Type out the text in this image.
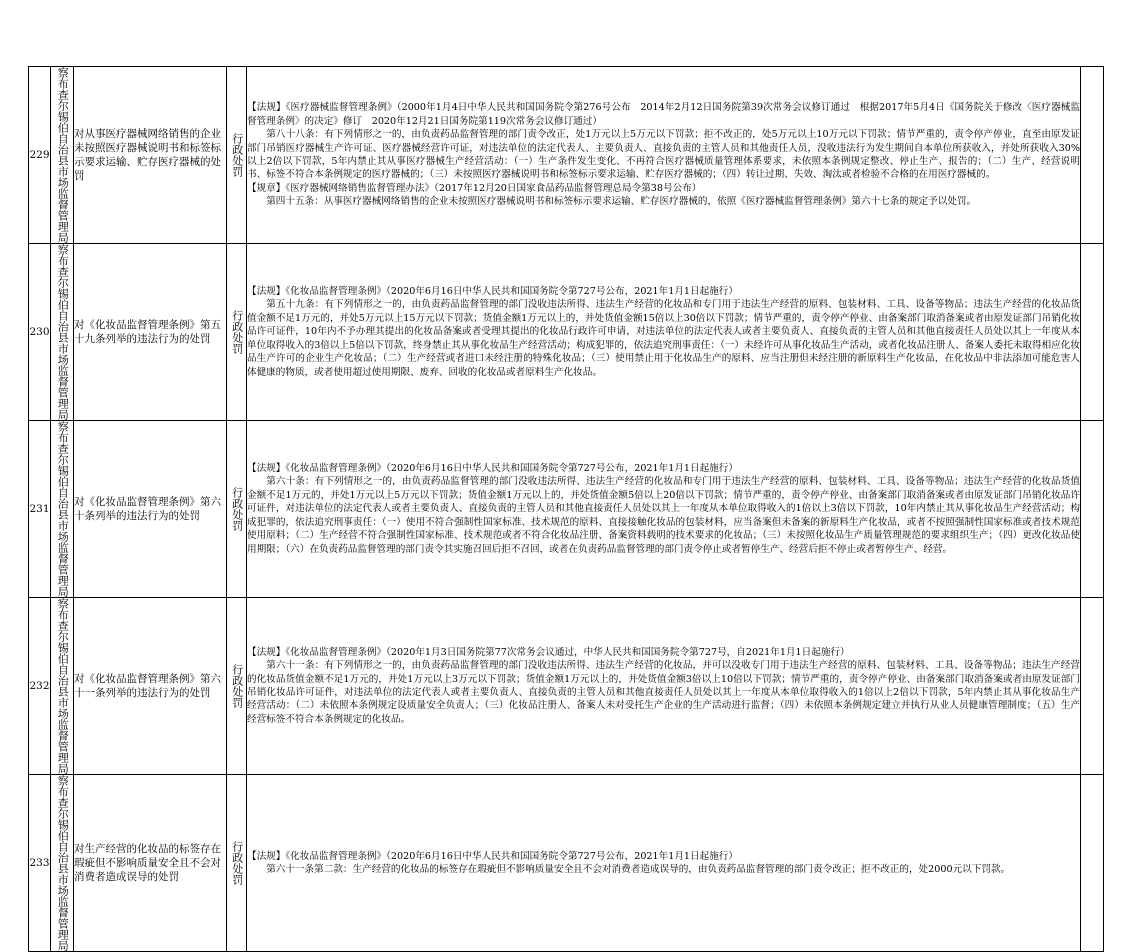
229	察布查尔锡伯自治县市场监督管理局	对从事医疗器械网络销售的企业未按照医疗器械说明书和标签标示要求运输、贮存医疗器械的处罚	行政处罚	【法规】《医疗器械监督管理条例》（2000年1月4日中华人民共和国国务院令第276号公布　2014年2月12日国务院第39次常务会议修订通过　根据2017年5月4日《国务院关于修改〈医疗器械监督管理条例〉的决定》修订　2020年12月21日国务院第119次常务会议修订通过）

第八十八条：有下列情形之一的，由负责药品监督管理的部门责令改正，处1万元以上5万元以下罚款；拒不改正的，处5万元以上10万元以下罚款；情节严重的，责令停产停业，直至由原发证部门吊销医疗器械生产许可证、医疗器械经营许可证，对违法单位的法定代表人、主要负责人、直接负责的主管人员和其他责任人员，没收违法行为发生期间自本单位所获收入，并处所获收入30%以上2倍以下罚款，5年内禁止其从事医疗器械生产经营活动：（一）生产条件发生变化、不再符合医疗器械质量管理体系要求，未依照本条例规定整改、停止生产、报告的；（二）生产、经营说明书、标签不符合本条例规定的医疗器械的；（三）未按照医疗器械说明书和标签标示要求运输、贮存医疗器械的；（四）转让过期、失效、淘汰或者检验不合格的在用医疗器械的。

【规章】《医疗器械网络销售监督管理办法》（2017年12月20日国家食品药品监督管理总局令第38号公布）

第四十五条：从事医疗器械网络销售的企业未按照医疗器械说明书和标签标示要求运输、贮存医疗器械的，依照《医疗器械监督管理条例》第六十七条的规定予以处罚。	

230	察布查尔锡伯自治县市场监督管理局	对《化妆品监督管理条例》第五十九条列举的违法行为的处罚	行政处罚	【法规】《化妆品监督管理条例》（2020年6月16日中华人民共和国国务院令第727号公布，2021年1月1日起施行）

第五十九条：有下列情形之一的，由负责药品监督管理的部门没收违法所得、违法生产经营的化妆品和专门用于违法生产经营的原料、包装材料、工具、设备等物品；违法生产经营的化妆品货值金额不足1万元的，并处5万元以上15万元以下罚款；货值金额1万元以上的，并处货值金额15倍以上30倍以下罚款；情节严重的，责令停产停业、由备案部门取消备案或者由原发证部门吊销化妆品许可证件，10年内不予办理其提出的化妆品备案或者受理其提出的化妆品行政许可申请，对违法单位的法定代表人或者主要负责人、直接负责的主管人员和其他直接责任人员处以其上一年度从本单位取得收入的3倍以上5倍以下罚款，终身禁止其从事化妆品生产经营活动；构成犯罪的，依法追究刑事责任：（一）未经许可从事化妆品生产活动，或者化妆品注册人、备案人委托未取得相应化妆品生产许可的企业生产化妆品；（二）生产经营或者进口未经注册的特殊化妆品；（三）使用禁止用于化妆品生产的原料、应当注册但未经注册的新原料生产化妆品，在化妆品中非法添加可能危害人体健康的物质，或者使用超过使用期限、废弃、回收的化妆品或者原料生产化妆品。	

231	察布查尔锡伯自治县市场监督管理局	对《化妆品监督管理条例》第六十条列举的违法行为的处罚	行政处罚	【法规】《化妆品监督管理条例》（2020年6月16日中华人民共和国国务院令第727号公布，2021年1月1日起施行）

第六十条：有下列情形之一的，由负责药品监督管理的部门没收违法所得、违法生产经营的化妆品和专门用于违法生产经营的原料、包装材料、工具、设备等物品；违法生产经营的化妆品货值金额不足1万元的，并处1万元以上5万元以下罚款；货值金额1万元以上的，并处货值金额5倍以上20倍以下罚款；情节严重的，责令停产停业、由备案部门取消备案或者由原发证部门吊销化妆品许可证件，对违法单位的法定代表人或者主要负责人、直接负责的主管人员和其他直接责任人员处以其上一年度从本单位取得收入的1倍以上3倍以下罚款，10年内禁止其从事化妆品生产经营活动；构成犯罪的，依法追究刑事责任：（一）使用不符合强制性国家标准、技术规范的原料、直接接触化妆品的包装材料，应当备案但未备案的新原料生产化妆品，或者不按照强制性国家标准或者技术规范使用原料；（二）生产经营不符合强制性国家标准、技术规范或者不符合化妆品注册、备案资料载明的技术要求的化妆品；（三）未按照化妆品生产质量管理规范的要求组织生产；（四）更改化妆品使用期限；（六）在负责药品监督管理的部门责令其实施召回后拒不召回，或者在负责药品监督管理的部门责令停止或者暂停生产、经营后拒不停止或者暂停生产、经营。	

232	察布查尔锡伯自治县市场监督管理局	对《化妆品监督管理条例》第六十一条列举的违法行为的处罚	行政处罚	【法规】《化妆品监督管理条例》（2020年1月3日国务院第77次常务会议通过，中华人民共和国国务院令第727号，自2021年1月1日起施行）

第六十一条：有下列情形之一的，由负责药品监督管理的部门没收违法所得、违法生产经营的化妆品，并可以没收专门用于违法生产经营的原料、包装材料、工具、设备等物品；违法生产经营的化妆品货值金额不足1万元的，并处1万元以上3万元以下罚款；货值金额1万元以上的，并处货值金额3倍以上10倍以下罚款；情节严重的，责令停产停业、由备案部门取消备案或者由原发证部门吊销化妆品许可证件，对违法单位的法定代表人或者主要负责人、直接负责的主管人员和其他直接责任人员处以其上一年度从本单位取得收入的1倍以上2倍以下罚款，5年内禁止其从事化妆品生产经营活动：（二）未依照本条例规定设质量安全负责人；（三）化妆品注册人、备案人未对受托生产企业的生产活动进行监督；（四）未依照本条例规定建立并执行从业人员健康管理制度；（五）生产经营标签不符合本条例规定的化妆品。	

233	察布查尔锡伯自治县市场监督管理局	对生产经营的化妆品的标签存在瑕疵但不影响质量安全且不会对消费者造成误导的处罚	行政处罚	【法规】《化妆品监督管理条例》（2020年6月16日中华人民共和国国务院令第727号公布，2021年1月1日起施行）

第六十一条第二款：生产经营的化妆品的标签存在瑕疵但不影响质量安全且不会对消费者造成误导的，由负责药品监督管理的部门责令改正；拒不改正的，处2000元以下罚款。	
